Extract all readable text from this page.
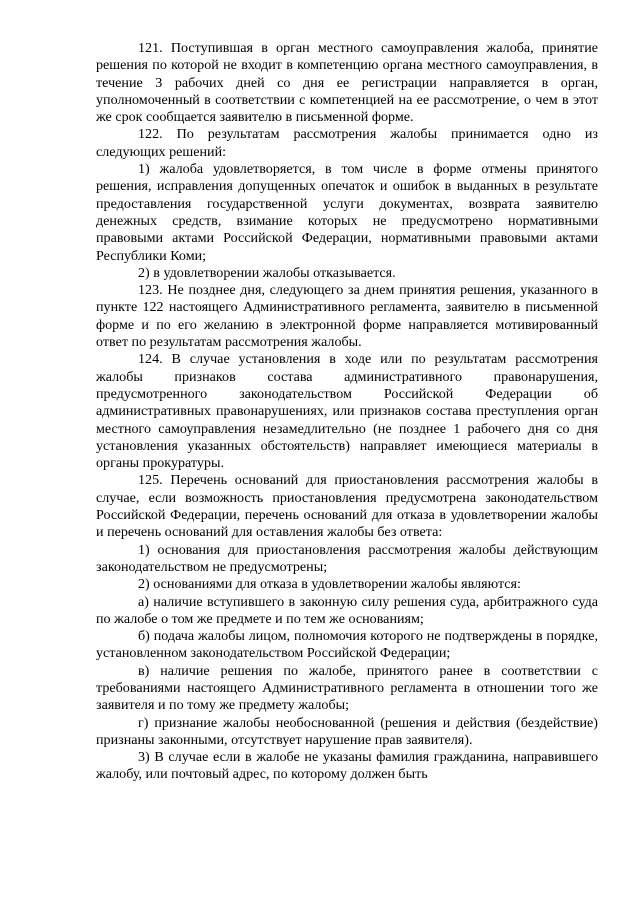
121. Поступившая в орган местного самоуправления жалоба, принятие решения по которой не входит в компетенцию органа местного самоуправления, в течение 3 рабочих дней со дня ее регистрации направляется в орган, уполномоченный в соответствии с компетенцией на ее рассмотрение, о чем в этот же срок сообщается заявителю в письменной форме.

122. По результатам рассмотрения жалобы принимается одно из следующих решений:

1) жалоба удовлетворяется, в том числе в форме отмены принятого решения, исправления допущенных опечаток и ошибок в выданных в результате предоставления государственной услуги документах, возврата заявителю денежных средств, взимание которых не предусмотрено нормативными правовыми актами Российской Федерации, нормативными правовыми актами Республики Коми;

2) в удовлетворении жалобы отказывается.

123. Не позднее дня, следующего за днем принятия решения, указанного в пункте 122 настоящего Административного регламента, заявителю в письменной форме и по его желанию в электронной форме направляется мотивированный ответ по результатам рассмотрения жалобы.

124. В случае установления в ходе или по результатам рассмотрения жалобы признаков состава административного правонарушения, предусмотренного законодательством Российской Федерации об административных правонарушениях, или признаков состава преступления орган местного самоуправления незамедлительно (не позднее 1 рабочего дня со дня установления указанных обстоятельств) направляет имеющиеся материалы в органы прокуратуры.

125. Перечень оснований для приостановления рассмотрения жалобы в случае, если возможность приостановления предусмотрена законодательством Российской Федерации, перечень оснований для отказа в удовлетворении жалобы и перечень оснований для оставления жалобы без ответа:

1) основания для приостановления рассмотрения жалобы действующим законодательством не предусмотрены;

2) основаниями для отказа в удовлетворении жалобы являются:

а) наличие вступившего в законную силу решения суда, арбитражного суда по жалобе о том же предмете и по тем же основаниям;

б) подача жалобы лицом, полномочия которого не подтверждены в порядке, установленном законодательством Российской Федерации;

в) наличие решения по жалобе, принятого ранее в соответствии с требованиями настоящего Административного регламента в отношении того же заявителя и по тому же предмету жалобы;

г) признание жалобы необоснованной (решения и действия (бездействие) признаны законными, отсутствует нарушение прав заявителя).

3) В случае если в жалобе не указаны фамилия гражданина, направившего жалобу, или почтовый адрес, по которому должен быть
